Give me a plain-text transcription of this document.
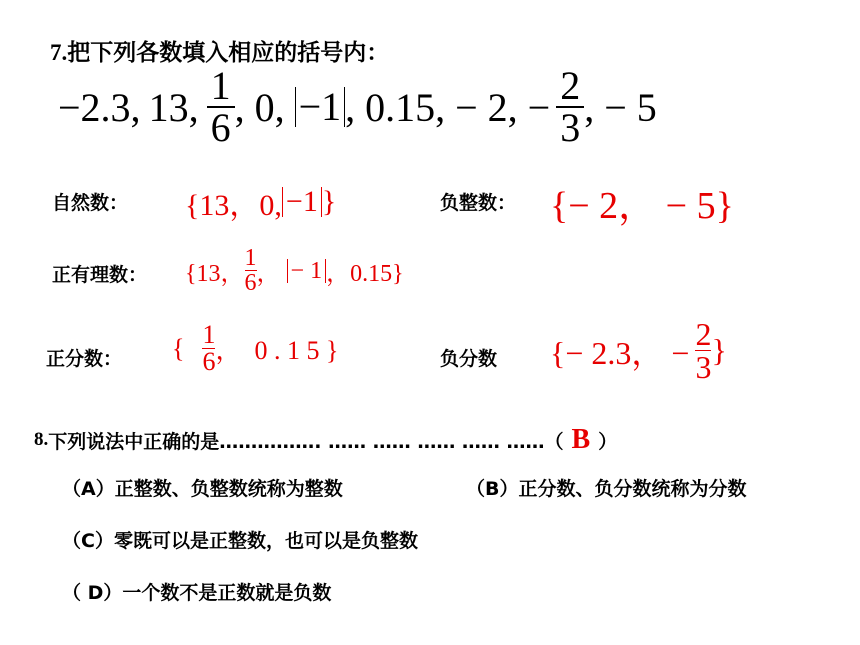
7.把下列各数填入相应的括号内：
−2.3, 13, $\frac{1}{6}$ , 0, −1 , 0.15, − 2, − $\frac{2}{3}$ , − 5
自然数： {13，0, −1 }	负整数： {− 2， − 5}
正有理数： {13， $\frac{1}{6}$ ， − 1 ，0.15}
正分数： { $\frac{1}{6}$ ，  0 . 1 5 }	负分数 {− 2.3， − $\frac{2}{3}$ }
8. 下列说法中正确的是……………. …… …… …… …… ……（ B ）
（A）正整数、负整数统称为整数	（B）正分数、负分数统称为分数
（C）零既可以是正整数，也可以是负整数
（ D）一个数不是正数就是负数
